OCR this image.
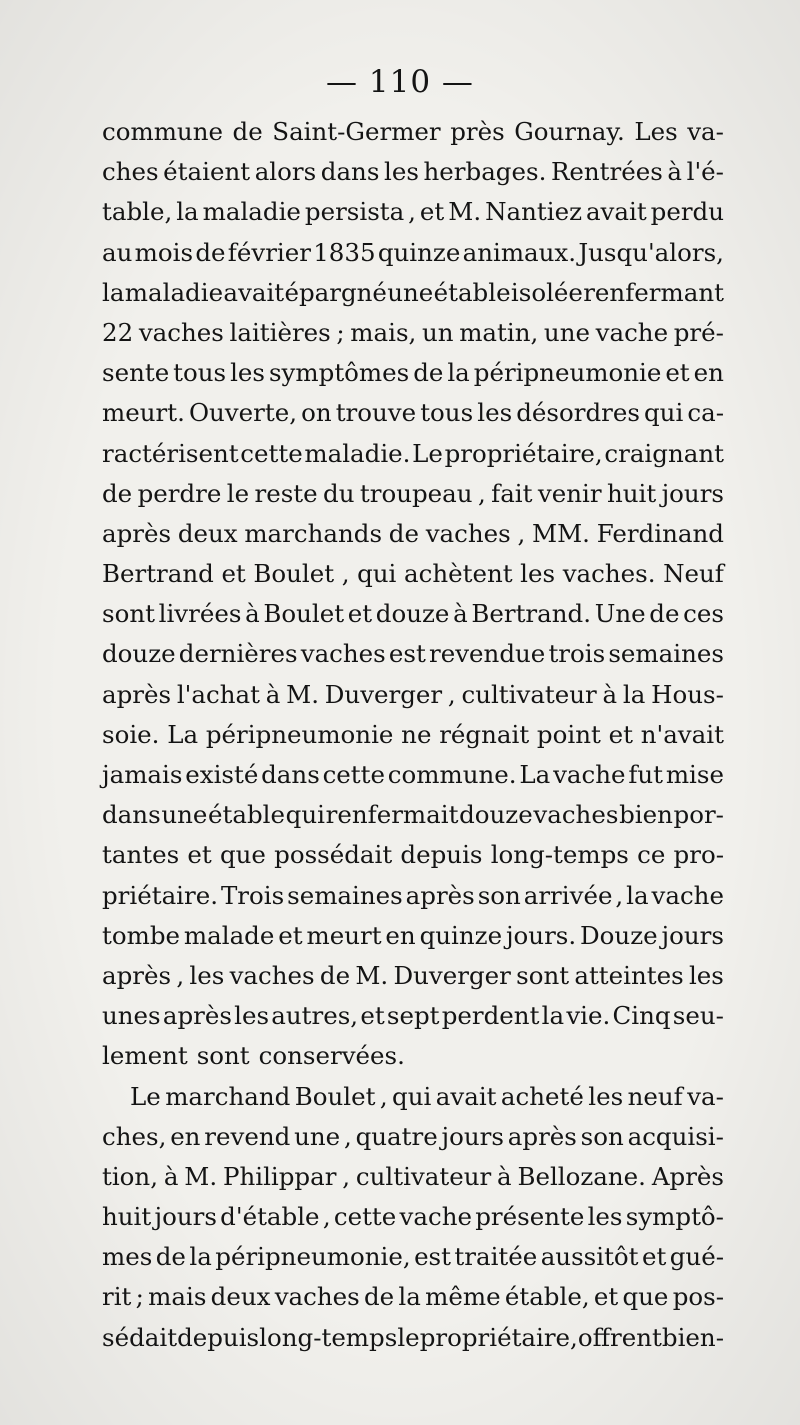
— 110 —
commune de Saint-Germer près Gournay. Les va-
ches étaient alors dans les herbages. Rentrées à l'é-
table, la maladie persista , et M. Nantiez avait perdu
au mois de février 1835 quinze animaux. Jusqu'alors,
la maladie avait épargné une étable isolée renfermant
22 vaches laitières ; mais, un matin, une vache pré-
sente tous les symptômes de la péripneumonie et en
meurt. Ouverte, on trouve tous les désordres qui ca-
ractérisent cette maladie. Le propriétaire, craignant
de perdre le reste du troupeau , fait venir huit jours
après deux marchands de vaches , MM. Ferdinand
Bertrand et Boulet , qui achètent les vaches. Neuf
sont livrées à Boulet et douze à Bertrand. Une de ces
douze dernières vaches est revendue trois semaines
après l'achat à M. Duverger , cultivateur à la Hous-
soie. La péripneumonie ne régnait point et n'avait
jamais existé dans cette commune. La vache fut mise
dans une étable qui renfermait douze vaches bien por-
tantes et que possédait depuis long-temps ce pro-
priétaire. Trois semaines après son arrivée , la vache
tombe malade et meurt en quinze jours. Douze jours
après , les vaches de M. Duverger sont atteintes les
unes après les autres, et sept perdent la vie. Cinq seu-
lement sont conservées.
Le marchand Boulet , qui avait acheté les neuf va-
ches, en revend une , quatre jours après son acquisi-
tion, à M. Philippar , cultivateur à Bellozane. Après
huit jours d'étable , cette vache présente les symptô-
mes de la péripneumonie, est traitée aussitôt et gué-
rit ; mais deux vaches de la même étable, et que pos-
sédait depuis long-temps le propriétaire, offrent bien-
